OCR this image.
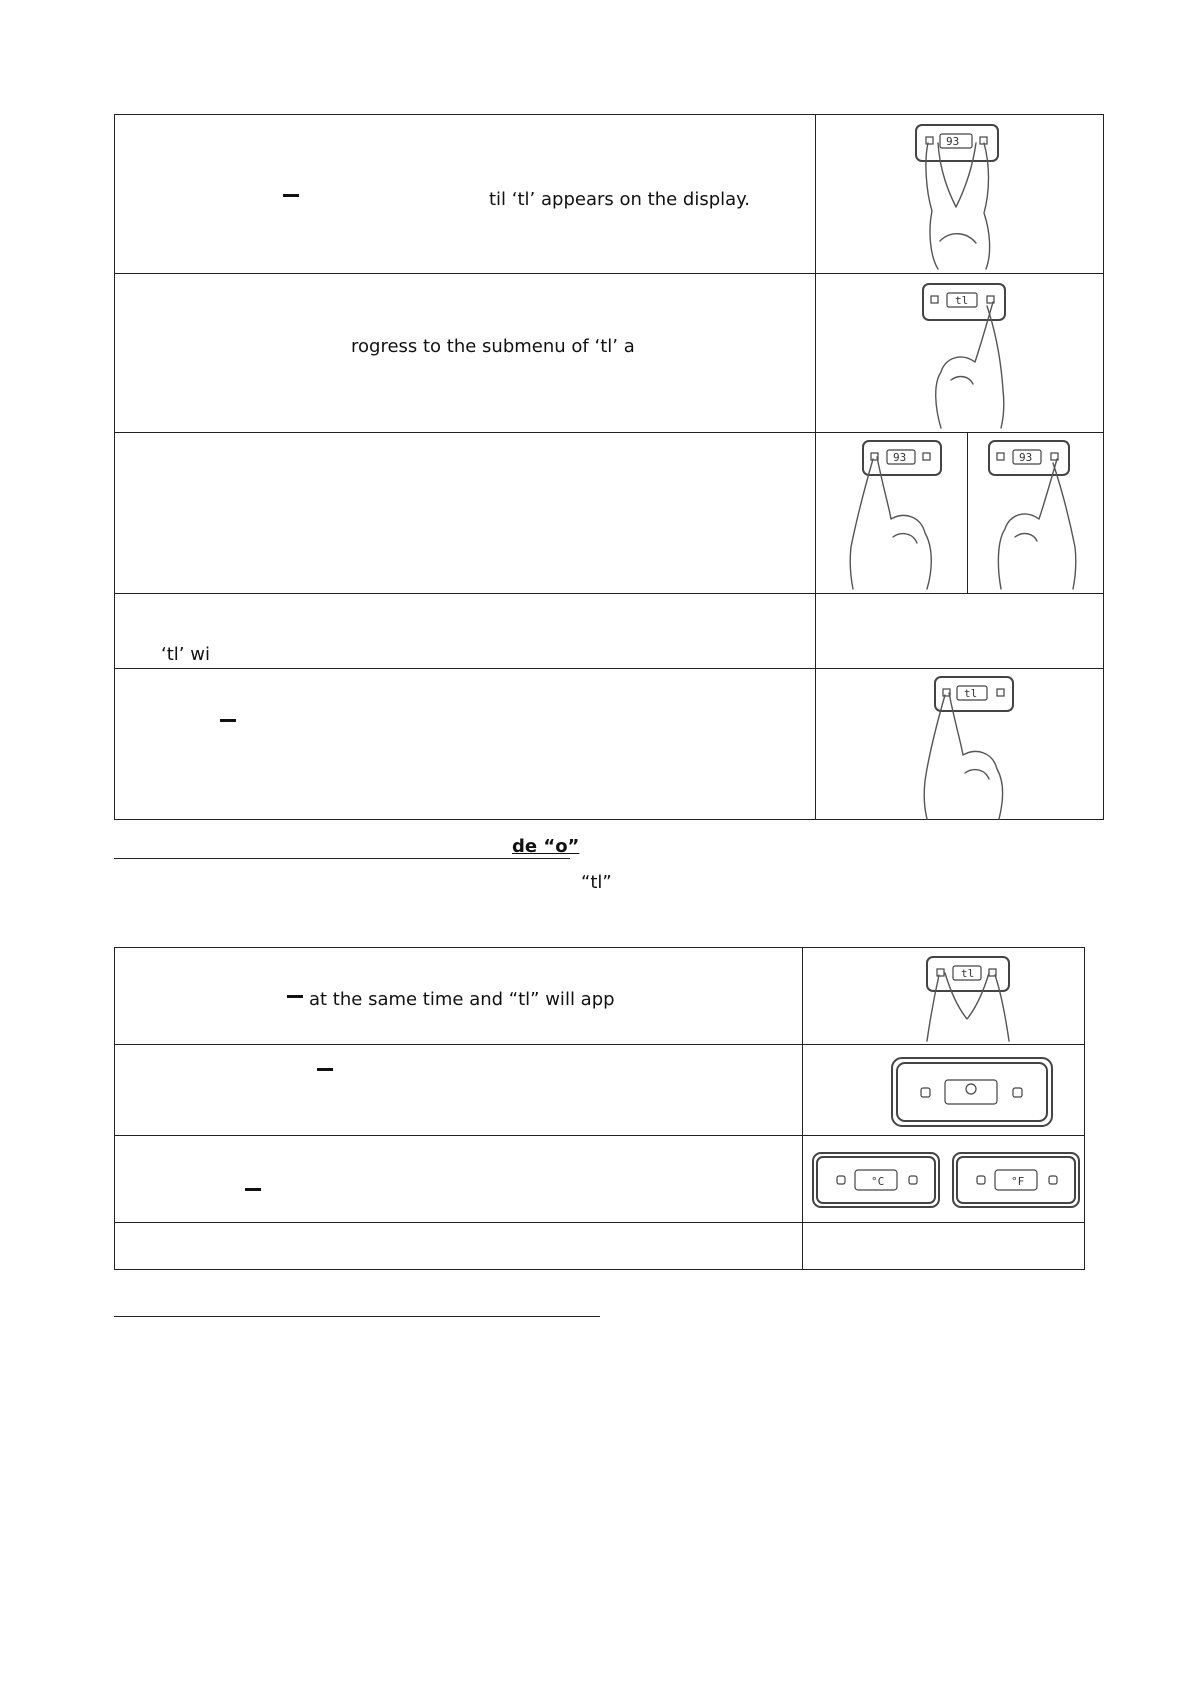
til ‘tl’ appears on the display.
93
rogress to the submenu of ‘tl’ a
tl
93	93
‘tl’ wi
tl
de “o”
“tl”
at the same time and “tl” will app
tl
°C	°F
